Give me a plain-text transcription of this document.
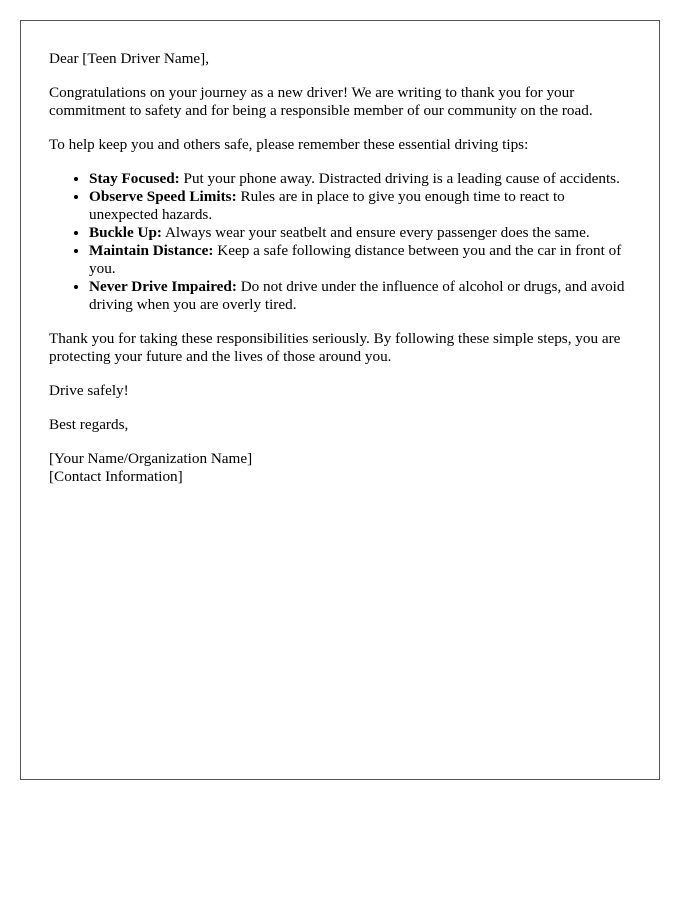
Dear [Teen Driver Name],

Congratulations on your journey as a new driver! We are writing to thank you for your commitment to safety and for being a responsible member of our community on the road.

To help keep you and others safe, please remember these essential driving tips:

• Stay Focused: Put your phone away. Distracted driving is a leading cause of accidents.
• Observe Speed Limits: Rules are in place to give you enough time to react to unexpected hazards.
• Buckle Up: Always wear your seatbelt and ensure every passenger does the same.
• Maintain Distance: Keep a safe following distance between you and the car in front of you.
• Never Drive Impaired: Do not drive under the influence of alcohol or drugs, and avoid driving when you are overly tired.

Thank you for taking these responsibilities seriously. By following these simple steps, you are protecting your future and the lives of those around you.

Drive safely!

Best regards,

[Your Name/Organization Name]

[Contact Information]
